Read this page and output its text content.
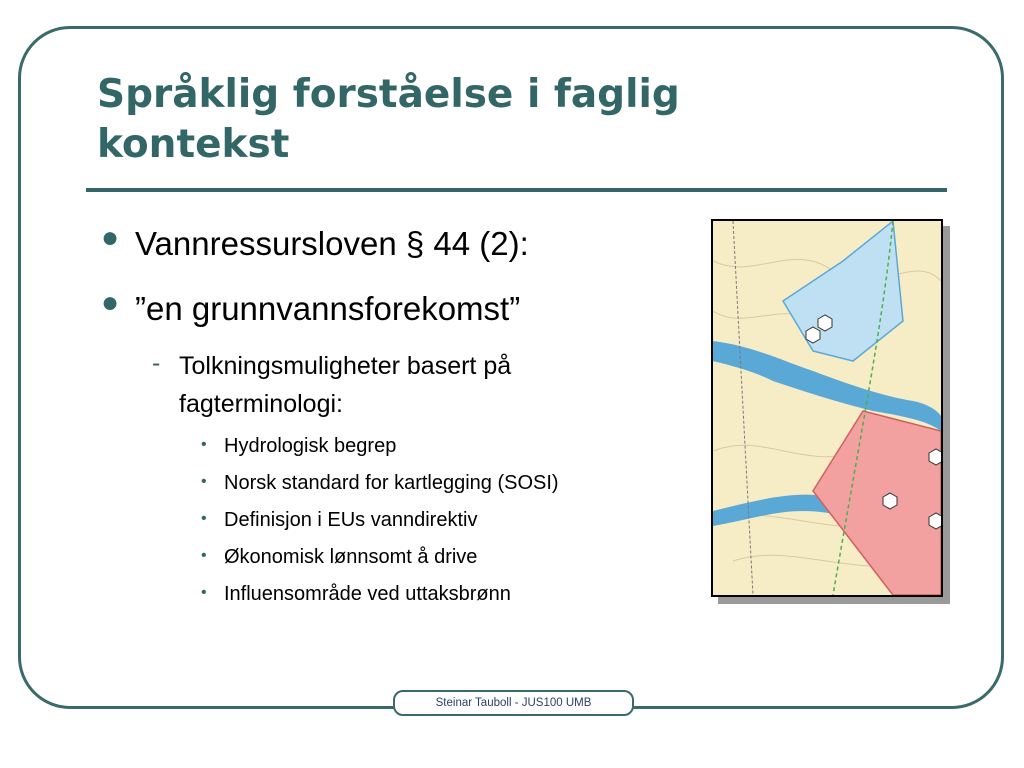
Språklig forståelse i faglig
kontekst
● Vannressursloven § 44 (2):
● ”en grunnvannsforekomst”
- Tolkningsmuligheter basert på
fagterminologi:
• Hydrologisk begrep
• Norsk standard for kartlegging (SOSI)
• Definisjon i EUs vanndirektiv
• Økonomisk lønnsomt å drive
• Influensområde ved uttaksbrønn
Steinar Tauboll - JUS100 UMB
